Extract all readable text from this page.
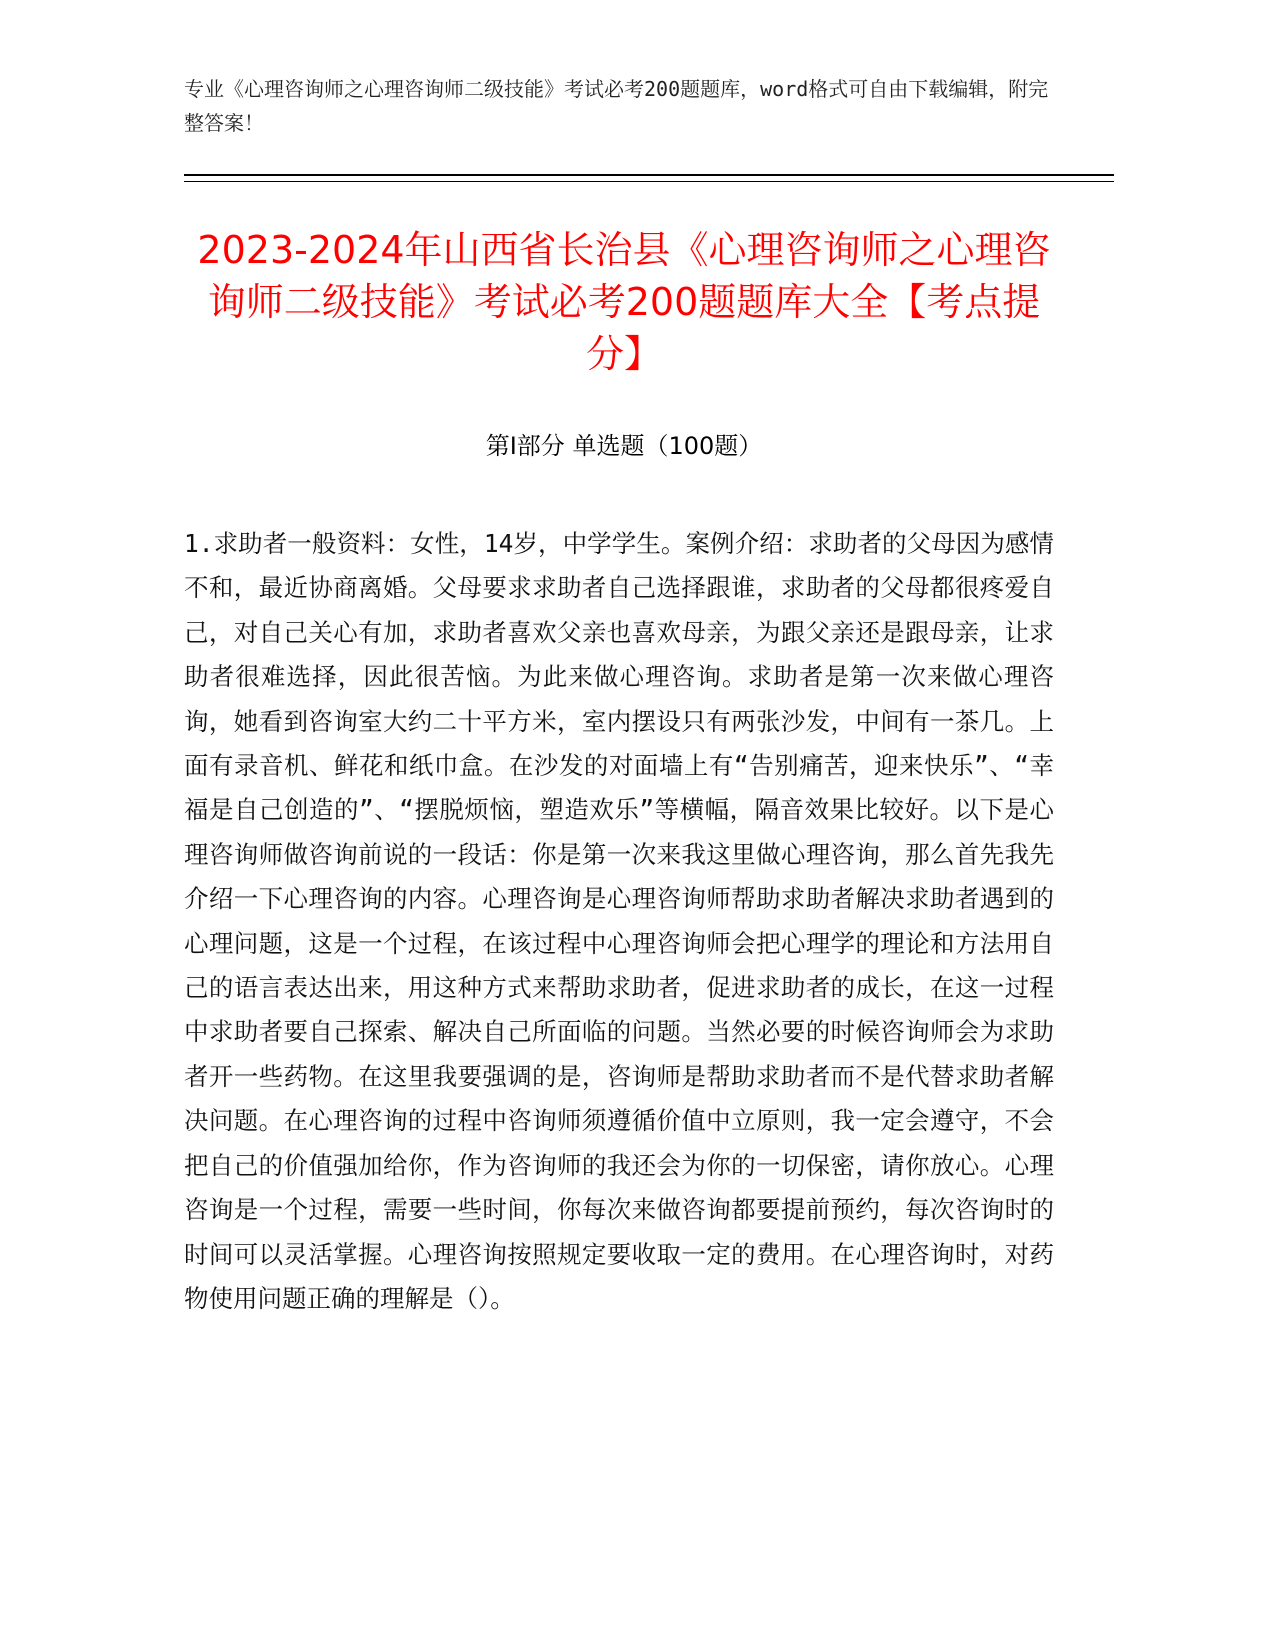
专业《心理咨询师之心理咨询师二级技能》考试必考200题题库，word格式可自由下载编辑，附完整答案！
2023-2024年山西省长治县《心理咨询师之心理咨询师二级技能》考试必考200题题库大全【考点提分】
第Ⅰ部分 单选题（100题）
1.求助者一般资料：女性，14岁，中学学生。案例介绍：求助者的父母因为感情不和，最近协商离婚。父母要求求助者自己选择跟谁，求助者的父母都很疼爱自己，对自己关心有加，求助者喜欢父亲也喜欢母亲，为跟父亲还是跟母亲，让求助者很难选择，因此很苦恼。为此来做心理咨询。求助者是第一次来做心理咨询，她看到咨询室大约二十平方米，室内摆设只有两张沙发，中间有一茶几。上面有录音机、鲜花和纸巾盒。在沙发的对面墙上有“告别痛苦，迎来快乐”、“幸福是自己创造的”、“摆脱烦恼，塑造欢乐”等横幅，隔音效果比较好。以下是心理咨询师做咨询前说的一段话：你是第一次来我这里做心理咨询，那么首先我先介绍一下心理咨询的内容。心理咨询是心理咨询师帮助求助者解决求助者遇到的心理问题，这是一个过程，在该过程中心理咨询师会把心理学的理论和方法用自己的语言表达出来，用这种方式来帮助求助者，促进求助者的成长，在这一过程中求助者要自己探索、解决自己所面临的问题。当然必要的时候咨询师会为求助者开一些药物。在这里我要强调的是，咨询师是帮助求助者而不是代替求助者解决问题。在心理咨询的过程中咨询师须遵循价值中立原则，我一定会遵守，不会把自己的价值强加给你，作为咨询师的我还会为你的一切保密，请你放心。心理咨询是一个过程，需要一些时间，你每次来做咨询都要提前预约，每次咨询时的时间可以灵活掌握。心理咨询按照规定要收取一定的费用。在心理咨询时，对药物使用问题正确的理解是（）。
